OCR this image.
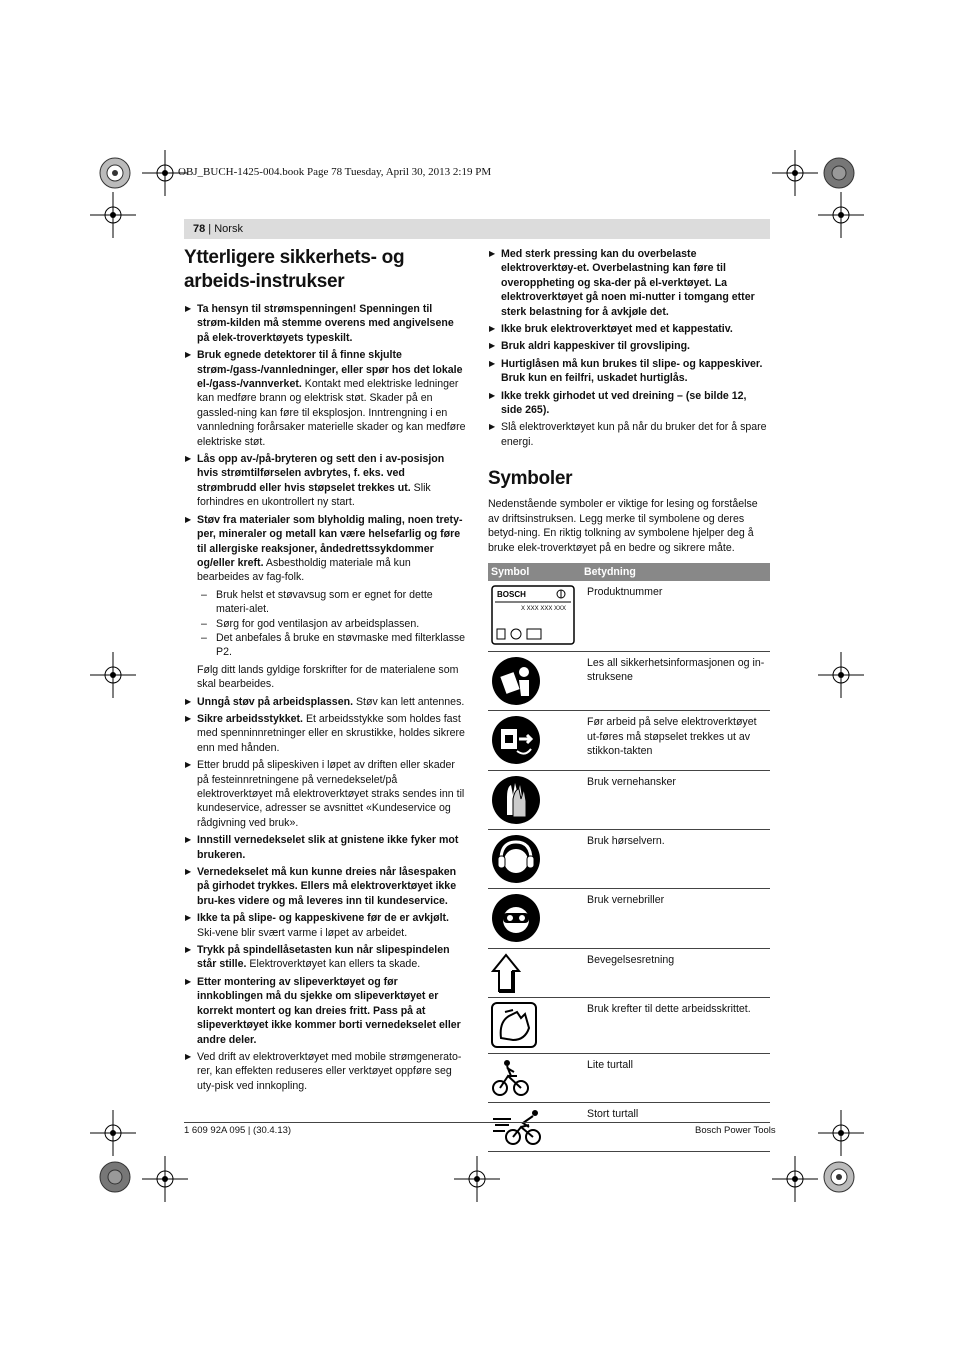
OBJ_BUCH-1425-004.book Page 78 Tuesday, April 30, 2013 2:19 PM
78 | Norsk
Ytterligere sikkerhets- og arbeids-instrukser

▶ Ta hensyn til strømspenningen! Spenningen til strøm-kilden må stemme overens med angivelsene på elek-troverktøyets typeskilt.

▶ Bruk egnede detektorer til å finne skjulte strøm-/gass-/vannledninger, eller spør hos det lokale el-/gass-/vannverket. Kontakt med elektriske ledninger kan medføre brann og elektrisk støt. Skader på en gassled-ning kan føre til eksplosjon. Inntrengning i en vannledning forårsaker materielle skader og kan medføre elektriske støt.

▶ Lås opp av-/på-bryteren og sett den i av-posisjon hvis strømtilførselen avbrytes, f. eks. ved strømbrudd eller hvis støpselet trekkes ut. Slik forhindres en ukontrollert ny start.

▶ Støv fra materialer som blyholdig maling, noen trety-per, mineraler og metall kan være helsefarlig og føre til allergiske reaksjoner, åndedrettssykdommer og/eller kreft. Asbestholdig materiale må kun bearbeides av fag-folk.

– Bruk helst et støvavsug som er egnet for dette materi-alet.

– Sørg for god ventilasjon av arbeidsplassen.

– Det anbefales å bruke en støvmaske med filterklasse P2.

Følg ditt lands gyldige forskrifter for de materialene som skal bearbeides.

▶ Unngå støv på arbeidsplassen. Støv kan lett antennes.

▶ Sikre arbeidsstykket. Et arbeidsstykke som holdes fast med spenninnretninger eller en skrustikke, holdes sikrere enn med hånden.

▶ Etter brudd på slipeskiven i løpet av driften eller skader på festeinnretningene på vernedekselet/på elektroverktøyet må elektroverktøyet straks sendes inn til kundeservice, adresser se avsnittet «Kundeservice og rådgivning ved bruk».

▶ Innstill vernedekselet slik at gnistene ikke fyker mot brukeren.

▶ Vernedekselet må kun kunne dreies når låsespaken på girhodet trykkes. Ellers må elektroverktøyet ikke bru-kes videre og må leveres inn til kundeservice.

▶ Ikke ta på slipe- og kappeskivene før de er avkjølt. Ski-vene blir svært varme i løpet av arbeidet.

▶ Trykk på spindellåsetasten kun når slipespindelen står stille. Elektroverktøyet kan ellers ta skade.

▶ Etter montering av slipeverktøyet og før innkoblingen må du sjekke om slipeverktøyet er korrekt montert og kan dreies fritt. Pass på at slipeverktøyet ikke kommer borti vernedekselet eller andre deler.

▶ Ved drift av elektroverktøyet med mobile strømgenerato-rer, kan effekten reduseres eller verktøyet oppføre seg uty-pisk ved innkopling.

▶ Med sterk pressing kan du overbelaste elektroverktøy-et. Overbelastning kan føre til overoppheting og ska-der på el-verktøyet. La elektroverktøyet gå noen mi-nutter i tomgang etter sterk belastning for å avkjøle det.

▶ Ikke bruk elektroverktøyet med et kappestativ.

▶ Bruk aldri kappeskiver til grovsliping.

▶ Hurtiglåsen må kun brukes til slipe- og kappeskiver. Bruk kun en feilfri, uskadet hurtiglås.

▶ Ikke trekk girhodet ut ved dreining – (se bilde 12, side 265).

▶ Slå elektroverktøyet kun på når du bruker det for å spare energi.

Symboler

Nedenstående symboler er viktige for lesing og forståelse av driftsinstruksen. Legg merke til symbolene og deres betyd-ning. En riktig tolkning av symbolene hjelper deg å bruke elek-troverktøyet på en bedre og sikrere måte.

Symbol	Betydning

BOSCH
X XXX XXX XXX	Produktnummer
	Les all sikkerhetsinformasjonen og in-struksene
	Før arbeid på selve elektroverktøyet ut-føres må støpselet trekkes ut av stikkon-takten
	Bruk vernehansker
	Bruk hørselvern.
	Bruk vernebriller
	Bevegelsesretning
	Bruk krefter til dette arbeidsskrittet.
	Lite turtall
	Stort turtall
1 609 92A 095 | (30.4.13)	Bosch Power Tools
